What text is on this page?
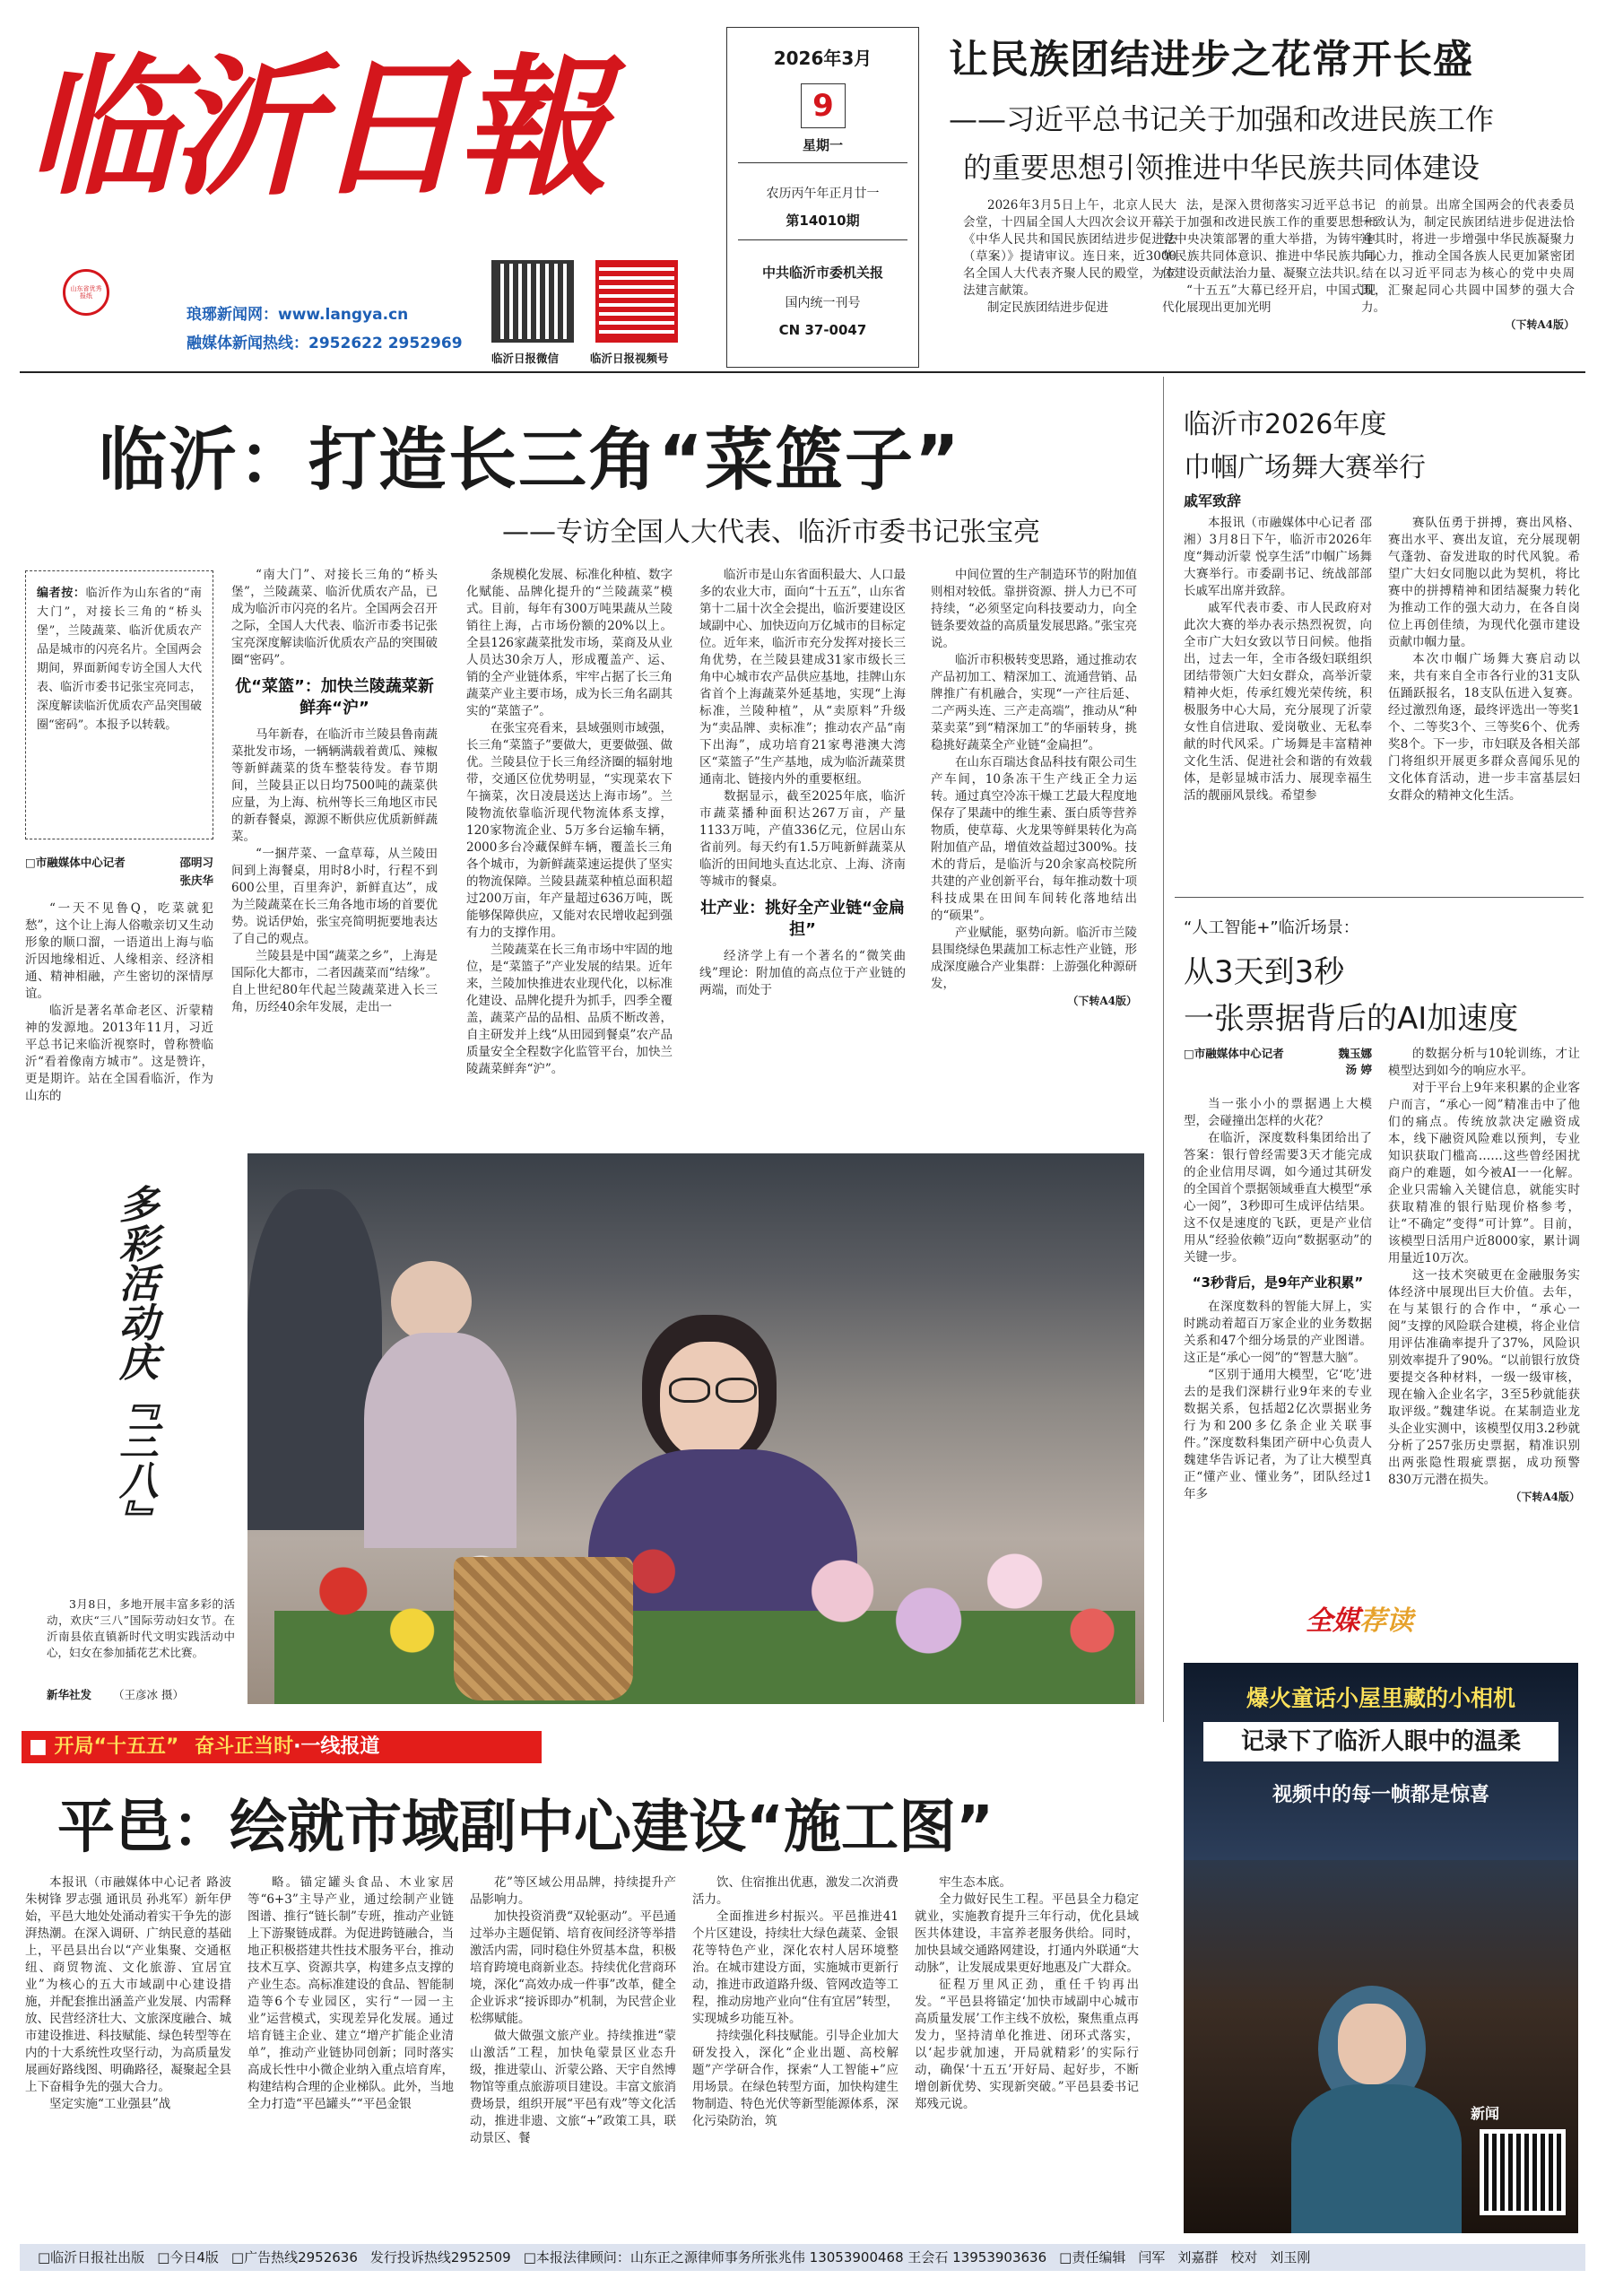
临沂日報
山东省优秀报纸
琅琊新闻网：www.langya.cn
融媒体新闻热线：2952622 2952969
临沂日报微信	临沂日报视频号
2026年3月
9
星期一
农历丙午年正月廿一
第14010期
中共临沂市委机关报
国内统一刊号
CN 37-0047
让民族团结进步之花常开长盛
——习近平总书记关于加强和改进民族工作
的重要思想引领推进中华民族共同体建设

2026年3月5日上午，北京人民大会堂，十四届全国人大四次会议开幕，《中华人民共和国民族团结进步促进法（草案）》提请审议。连日来，近3000名全国人大代表齐聚人民的殿堂，为立法建言献策。

制定民族团结进步促进

法，是深入贯彻落实习近平总书记关于加强和改进民族工作的重要思想和党中央决策部署的重大举措，为铸牢中华民族共同体意识、推进中华民族共同体建设贡献法治力量、凝聚立法共识。

“十五五”大幕已经开启，中国式现代化展现出更加光明

的前景。出席全国两会的代表委员一致认为，制定民族团结进步促进法恰逢其时，将进一步增强中华民族凝聚力向心力，推动全国各族人民更加紧密团结在以习近平同志为核心的党中央周围，汇聚起同心共圆中国梦的强大合力。

（下转A4版）
临沂：打造长三角“菜篮子”
——专访全国人大代表、临沂市委书记张宝亮
编者按：临沂作为山东省的“南大门”，对接长三角的“桥头堡”，兰陵蔬菜、临沂优质农产品是城市的闪亮名片。全国两会期间，界面新闻专访全国人大代表、临沂市委书记张宝亮同志，深度解读临沂优质农产品突围破圈“密码”。本报予以转载。
□市融媒体中心记者	邵明习

张庆华

“一天不见鲁Q，吃菜就犯愁”，这个让上海人俗嗷亲切又生动形象的顺口溜，一语道出上海与临沂因地缘相近、人缘相亲、经济相通、精神相融，产生密切的深情厚谊。

临沂是著名革命老区、沂蒙精神的发源地。2013年11月，习近平总书记来临沂视察时，曾称赞临沂“看着像南方城市”。这是赞许，更是期许。站在全国看临沂，作为山东的

“南大门”、对接长三角的“桥头堡”，兰陵蔬菜、临沂优质农产品，已成为临沂市闪亮的名片。全国两会召开之际，全国人大代表、临沂市委书记张宝亮深度解读临沂优质农产品的突围破圈“密码”。

优“菜篮”：加快兰陵蔬菜新鲜奔“沪”

马年新春，在临沂市兰陵县鲁南蔬菜批发市场，一辆辆满载着黄瓜、辣椒等新鲜蔬菜的货车整装待发。春节期间，兰陵县正以日均7500吨的蔬菜供应量，为上海、杭州等长三角地区市民的新春餐桌，源源不断供应优质新鲜蔬菜。

“一捆芹菜、一盒草莓，从兰陵田间到上海餐桌，用时8小时，行程不到600公里，百里奔沪，新鲜直达”，成为兰陵蔬菜在长三角各地市场的首要优势。说话伊始，张宝亮简明扼要地表达了自己的观点。

兰陵县是中国“蔬菜之乡”，上海是国际化大都市，二者因蔬菜而“结缘”。自上世纪80年代起兰陵蔬菜进入长三角，历经40余年发展，走出一

条规模化发展、标准化种植、数字化赋能、品牌化提升的“兰陵蔬菜”模式。目前，每年有300万吨果蔬从兰陵销往上海，占市场份额的20%以上。全县126家蔬菜批发市场，菜商及从业人员达30余万人，形成覆盖产、运、销的全产业链体系，牢牢占据了长三角蔬菜产业主要市场，成为长三角名副其实的“菜篮子”。

在张宝亮看来，县域强则市域强，长三角“菜篮子”要做大，更要做强、做优。兰陵县位于长三角经济圈的辐射地带，交通区位优势明显，“实现菜农下午摘菜，次日凌晨送达上海市场”。兰陵物流依靠临沂现代物流体系支撑，120家物流企业、5万多台运输车辆，2000多台冷藏保鲜车辆，覆盖长三角各个城市，为新鲜蔬菜速运提供了坚实的物流保障。兰陵县蔬菜种植总面积超过200万亩，年产量超过636万吨，既能够保障供应，又能对农民增收起到强有力的支撑作用。

兰陵蔬菜在长三角市场中牢固的地位，是“菜篮子”产业发展的结果。近年来，兰陵加快推进农业现代化，以标准化建设、品牌化提升为抓手，四季全覆盖，蔬菜产品的品相、品质不断改善，自主研发并上线“从田园到餐桌”农产品质量安全全程数字化监管平台，加快兰陵蔬菜鲜奔“沪”。

临沂市是山东省面积最大、人口最多的农业大市，面向“十五五”，山东省第十二届十次全会提出，临沂要建设区域副中心、加快迈向万亿城市的目标定位。近年来，临沂市充分发挥对接长三角优势，在兰陵县建成31家市级长三角中心城市农产品供应基地，挂牌山东省首个上海蔬菜外延基地，实现“上海标准，兰陵种植”，从“卖原料”升级为“卖品牌、卖标准”；推动农产品“南下出海”，成功培育21家粤港澳大湾区“菜篮子”生产基地，成为临沂蔬菜贯通南北、链接内外的重要枢纽。

数据显示，截至2025年底，临沂市蔬菜播种面积达267万亩，产量1133万吨，产值336亿元，位居山东省前列。每天约有1.5万吨新鲜蔬菜从临沂的田间地头直达北京、上海、济南等城市的餐桌。

壮产业：挑好全产业链“金扁担”

经济学上有一个著名的“微笑曲线”理论：附加值的高点位于产业链的两端，而处于

中间位置的生产制造环节的附加值则相对较低。靠拼资源、拼人力已不可持续，“必须坚定向科技要动力，向全链条要效益的高质量发展思路。”张宝亮说。

临沂市积极转变思路，通过推动农产品初加工、精深加工、流通营销、品牌推广有机融合，实现“一产往后延、二产两头连、三产走高端”，推动从“种菜卖菜”到“精深加工”的华丽转身，挑稳挑好蔬菜全产业链“金扁担”。

在山东百瑞达食品科技有限公司生产车间，10条冻干生产线正全力运转。通过真空冷冻干燥工艺最大程度地保存了果蔬中的维生素、蛋白质等营养物质，使草莓、火龙果等鲜果转化为高附加值产品，增值效益超过300%。技术的背后，是临沂与20余家高校院所共建的产业创新平台，每年推动数十项科技成果在田间车间转化落地结出的“硕果”。

产业赋能，驱势向新。临沂市兰陵县围绕绿色果蔬加工标志性产业链，形成深度融合产业集群：上游强化种源研发，

（下转A4版）
多彩活动庆『三八』

3月8日，多地开展丰富多彩的活动，欢庆“三八”国际劳动妇女节。在沂南县依直镇新时代文明实践活动中心，妇女在参加插花艺术比赛。

新华社发 （王彦冰 摄）
临沂市2026年度
巾帼广场舞大赛举行
戚军致辞

本报讯（市融媒体中心记者 邵湘）3月8日下午，临沂市2026年度“舞动沂蒙 悦享生活”巾帼广场舞大赛举行。市委副书记、统战部部长戚军出席并致辞。

戚军代表市委、市人民政府对此次大赛的举办表示热烈祝贺，向全市广大妇女致以节日问候。他指出，过去一年，全市各级妇联组织团结带领广大妇女群众，高举沂蒙精神火炬，传承红嫂光荣传统，积极服务中心大局，充分展现了沂蒙女性自信进取、爱岗敬业、无私奉献的时代风采。广场舞是丰富精神文化生活、促进社会和谐的有效载体，是彰显城市活力、展现幸福生活的靓丽风景线。希望参

赛队伍勇于拼搏，赛出风格、赛出水平、赛出友谊，充分展现朝气蓬勃、奋发进取的时代风貌。希望广大妇女同胞以此为契机，将比赛中的拼搏精神和团结凝聚力转化为推动工作的强大动力，在各自岗位上再创佳绩，为现代化强市建设贡献巾帼力量。

本次巾帼广场舞大赛启动以来，共有来自全市各行业的31支队伍踊跃报名，18支队伍进入复赛。经过激烈角逐，最终评选出一等奖1个、二等奖3个、三等奖6个、优秀奖8个。下一步，市妇联及各相关部门将组织开展更多群众喜闻乐见的文化体育活动，进一步丰富基层妇女群众的精神文化生活。

“人工智能+”临沂场景：
从3天到3秒
一张票据背后的AI加速度
□市融媒体中心记者	魏玉娜

汤 婷

当一张小小的票据遇上大模型，会碰撞出怎样的火花？

在临沂，深度数科集团给出了答案：银行曾经需要3天才能完成的企业信用尽调，如今通过其研发的全国首个票据领域垂直大模型“承心一阅”，3秒即可生成评估结果。这不仅是速度的飞跃，更是产业信用从“经验依赖”迈向“数据驱动”的关键一步。

“3秒背后，是9年产业积累”

在深度数科的智能大屏上，实时跳动着超百万家企业的业务数据关系和47个细分场景的产业图谱。这正是“承心一阅”的“智慧大脑”。

“区别于通用大模型，它‘吃’进去的是我们深耕行业9年来的专业数据关系，包括超2亿次票据业务行为和200多亿条企业关联事件。”深度数科集团产研中心负责人魏建华告诉记者，为了让大模型真正“懂产业、懂业务”，团队经过1年多

的数据分析与10轮训练，才让模型达到如今的响应水平。

对于平台上9年来积累的企业客户而言，“承心一阅”精准击中了他们的痛点。传统放款决定融资成本，线下融资风险难以预判，专业知识获取门槛高……这些曾经困扰商户的难题，如今被AI一一化解。企业只需输入关键信息，就能实时获取精准的银行贴现价格参考，让“不确定”变得“可计算”。目前，该模型日活用户近8000家，累计调用量近10万次。

这一技术突破更在金融服务实体经济中展现出巨大价值。去年，在与某银行的合作中，“承心一阅”支撑的风险联合建模，将企业信用评估准确率提升了37%，风险识别效率提升了90%。“以前银行放贷要提交各种材料，一级一级审核，现在输入企业名字，3至5秒就能获取评级。”魏建华说。在某制造业龙头企业实测中，该模型仅用3.2秒就分析了257张历史票据，精准识别出两张隐性瑕疵票据，成功预警830万元潜在损失。

（下转A4版）
全媒荐读
爆火童话小屋里藏的小相机
记录下了临沂人眼中的温柔
视频中的每一帧都是惊喜
新闻
■ 开局“十五五” 奋斗正当时·一线报道
平邑：绘就市域副中心建设“施工图”

本报讯（市融媒体中心记者 路波 朱树锋 罗志强 通讯员 孙兆军）新年伊始，平邑大地处处涌动着实干争先的澎湃热潮。在深入调研、广纳民意的基础上，平邑县出台以“产业集聚、交通枢纽、商贸物流、文化旅游、宜居宜业”为核心的五大市域副中心建设措施，并配套推出涵盖产业发展、内需释放、民营经济壮大、文旅深度融合、城市建设推进、科技赋能、绿色转型等在内的十大系统性攻坚行动，为高质量发展画好路线图、明确路径，凝聚起全县上下奋楫争先的强大合力。

坚定实施“工业强县”战

略。锚定罐头食品、木业家居等“6+3”主导产业，通过绘制产业链图谱、推行“链长制”专班，推动产业链上下游聚链成群。为促进跨链融合，当地正积极搭建共性技术服务平台，推动技术互享、资源共享，构建多点支撑的产业生态。高标准建设的食品、智能制造等6个专业园区，实行“一园一主业”运营模式，实现差异化发展。通过培育链主企业、建立“增产扩能企业清单”，推动产业链协同创新；同时落实高成长性中小微企业纳入重点培育库，构建结构合理的企业梯队。此外，当地全力打造“平邑罐头”“平邑金银

花”等区域公用品牌，持续提升产品影响力。

加快投资消费“双轮驱动”。平邑通过举办主题促销、培育夜间经济等举措激活内需，同时稳住外贸基本盘，积极培育跨境电商新业态。持续优化营商环境，深化“高效办成一件事”改革，健全企业诉求“接诉即办”机制，为民营企业松绑赋能。

做大做强文旅产业。持续推进“蒙山激活”工程，加快龟蒙景区业态升级，推进蒙山、沂蒙公路、天宇自然博物馆等重点旅游项目建设。丰富文旅消费场景，组织开展“平邑有戏”等文化活动，推进非遗、文旅“+”政策工具，联动景区、餐

饮、住宿推出优惠，激发二次消费活力。

全面推进乡村振兴。平邑推进41个片区建设，持续壮大绿色蔬菜、金银花等特色产业，深化农村人居环境整治。在城市建设方面，实施城市更新行动，推进市政道路升级、管网改造等工程，推动房地产业向“住有宜居”转型，实现城乡功能互补。

持续强化科技赋能。引导企业加大研发投入，深化“企业出题、高校解题”产学研合作，探索“人工智能+”应用场景。在绿色转型方面，加快构建生物制造、特色光伏等新型能源体系，深化污染防治，筑

牢生态本底。

全力做好民生工程。平邑县全力稳定就业，实施教育提升三年行动，优化县域医共体建设，丰富养老服务供给。同时，加快县域交通路网建设，打通内外联通“大动脉”，让发展成果更好地惠及广大群众。

征程万里风正劲，重任千钧再出发。“平邑县将锚定‘加快市域副中心城市高质量发展’工作主线不放松，聚焦重点再发力，坚持清单化推进、闭环式落实，以‘起步就加速，开局就精彩’的实际行动，确保‘十五五’开好局、起好步，不断增创新优势、实现新突破。”平邑县委书记郑残元说。

□临沂日报社出版 □今日4版 □广告热线2952636 发行投诉热线2952509 □本报法律顾问：山东正之源律师事务所张兆伟 13053900468 王会石 13953903636 □责任编辑 闫军 刘嘉群 校对 刘玉刚
